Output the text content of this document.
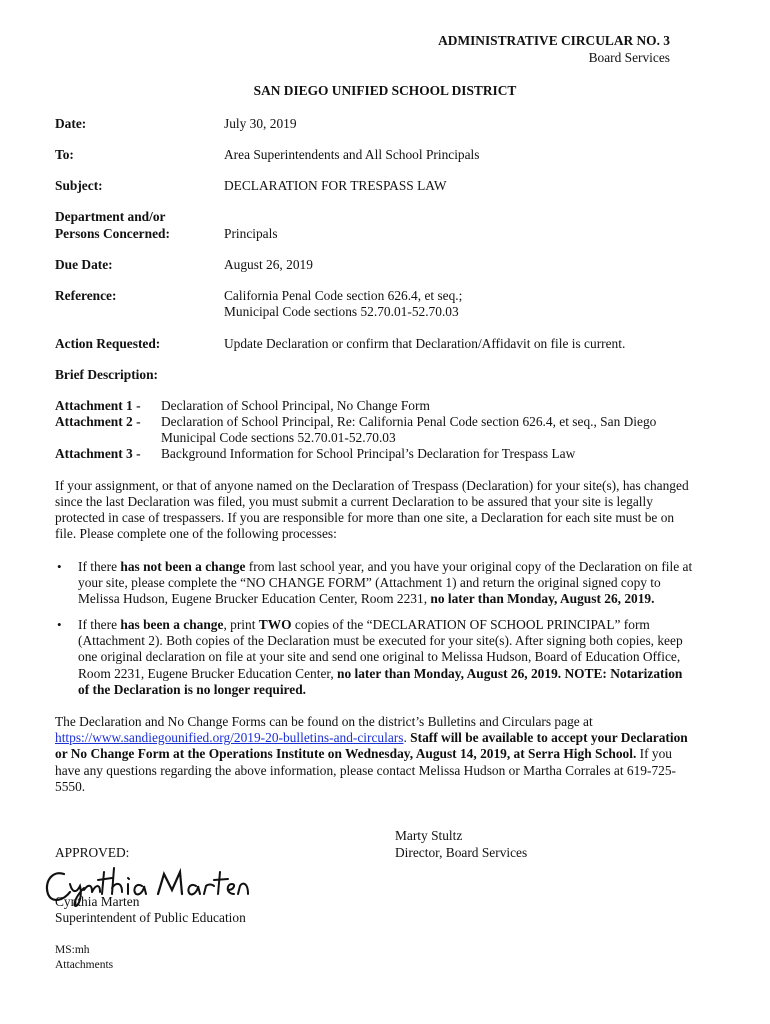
ADMINISTRATIVE CIRCULAR NO. 3
Board Services
SAN DIEGO UNIFIED SCHOOL DISTRICT
Date:	July 30, 2019
To:	Area Superintendents and All School Principals
Subject:	DECLARATION FOR TRESPASS LAW
Department and/or
Persons Concerned:	Principals
Due Date:	August 26, 2019
Reference:	California Penal Code section 626.4, et seq.;
Municipal Code sections 52.70.01-52.70.03
Action Requested:	Update Declaration or confirm that Declaration/Affidavit on file is current.
Brief Description:
Attachment 1 - Declaration of School Principal, No Change Form
Attachment 2 - Declaration of School Principal, Re: California Penal Code section 626.4, et seq., San Diego
Municipal Code sections 52.70.01-52.70.03
Attachment 3 - Background Information for School Principal’s Declaration for Trespass Law
If your assignment, or that of anyone named on the Declaration of Trespass (Declaration) for your site(s), has changed
since the last Declaration was filed, you must submit a current Declaration to be assured that your site is legally
protected in case of trespassers. If you are responsible for more than one site, a Declaration for each site must be on
file. Please complete one of the following processes:
• If there has not been a change from last school year, and you have your original copy of the Declaration on file at
your site, please complete the “NO CHANGE FORM” (Attachment 1) and return the original signed copy to
Melissa Hudson, Eugene Brucker Education Center, Room 2231, no later than Monday, August 26, 2019.
• If there has been a change, print TWO copies of the “DECLARATION OF SCHOOL PRINCIPAL” form
(Attachment 2). Both copies of the Declaration must be executed for your site(s). After signing both copies, keep
one original declaration on file at your site and send one original to Melissa Hudson, Board of Education Office,
Room 2231, Eugene Brucker Education Center, no later than Monday, August 26, 2019. NOTE: Notarization
of the Declaration is no longer required.
The Declaration and No Change Forms can be found on the district’s Bulletins and Circulars page at
https://www.sandiegounified.org/2019-20-bulletins-and-circulars. Staff will be available to accept your Declaration
or No Change Form at the Operations Institute on Wednesday, August 14, 2019, at Serra High School. If you
have any questions regarding the above information, please contact Melissa Hudson or Martha Corrales at 619-725-
5550.
Marty Stultz
Director, Board Services
APPROVED:
Cynthia Marten
Superintendent of Public Education
MS:mh
Attachments
